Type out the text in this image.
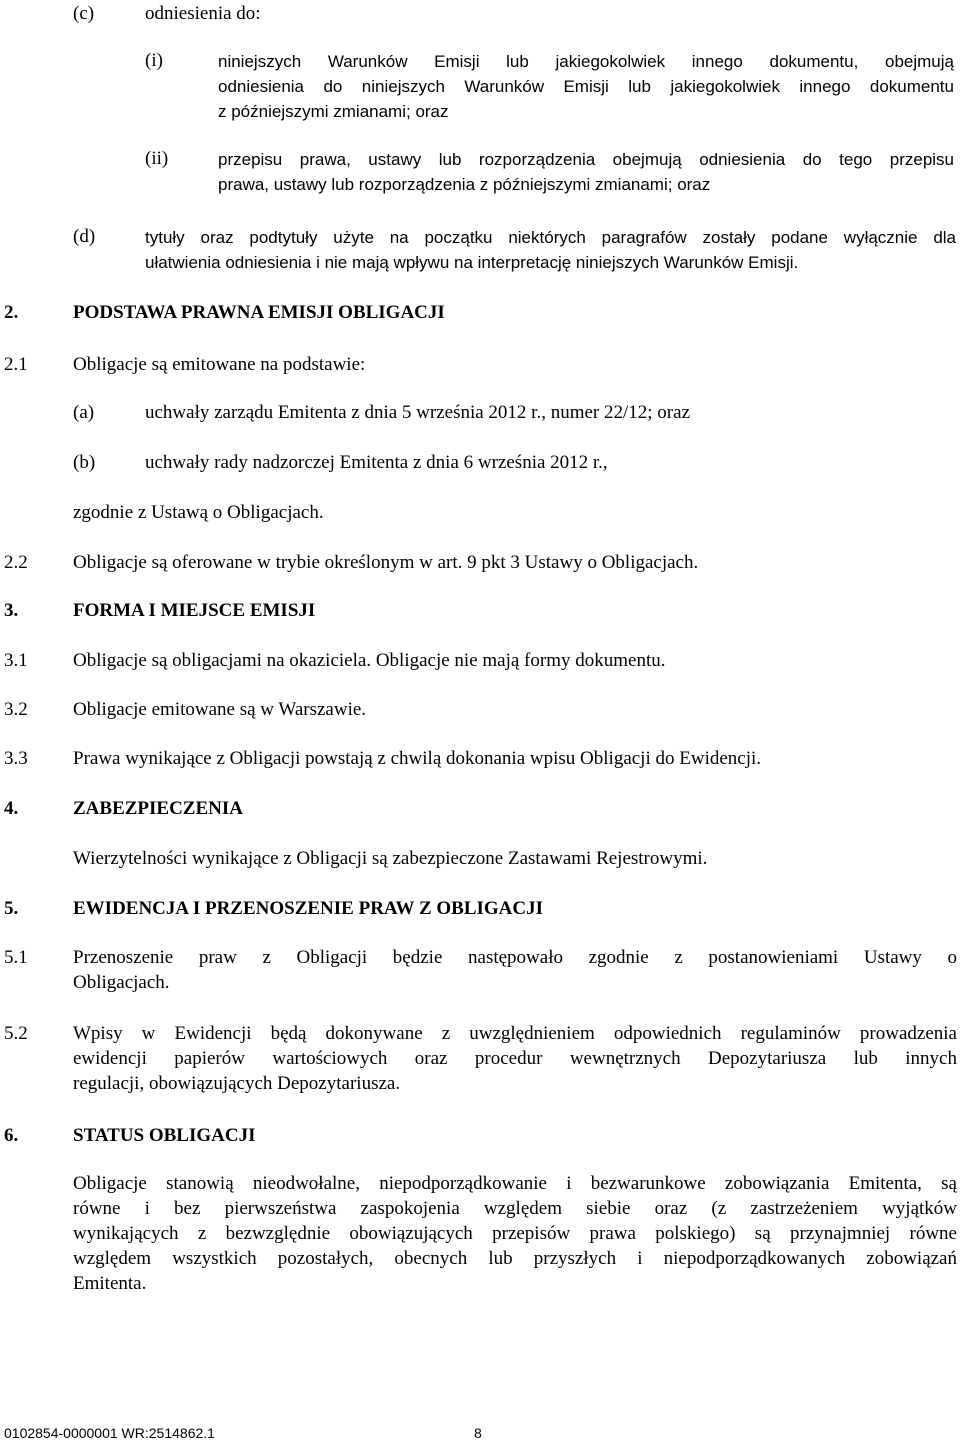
(c)	odniesienia do:
(i)	niniejszych Warunków Emisji lub jakiegokolwiek innego dokumentu, obejmują
odniesienia do niniejszych Warunków Emisji lub jakiegokolwiek innego dokumentu
z późniejszymi zmianami; oraz
(ii)	przepisu prawa, ustawy lub rozporządzenia obejmują odniesienia do tego przepisu
prawa, ustawy lub rozporządzenia z późniejszymi zmianami; oraz
(d)	tytuły oraz podtytuły użyte na początku niektórych paragrafów zostały podane wyłącznie dla
ułatwienia odniesienia i nie mają wpływu na interpretację niniejszych Warunków Emisji.
2.	PODSTAWA PRAWNA EMISJI OBLIGACJI
2.1 Obligacje są emitowane na podstawie:
(a)	uchwały zarządu Emitenta z dnia 5 września 2012 r., numer 22/12; oraz
(b)	uchwały rady nadzorczej Emitenta z dnia 6 września 2012 r.,
zgodnie z Ustawą o Obligacjach.
2.2 Obligacje są oferowane w trybie określonym w art. 9 pkt 3 Ustawy o Obligacjach.
3.	FORMA I MIEJSCE EMISJI
3.1 Obligacje są obligacjami na okaziciela. Obligacje nie mają formy dokumentu.
3.2 Obligacje emitowane są w Warszawie.
3.3 Prawa wynikające z Obligacji powstają z chwilą dokonania wpisu Obligacji do Ewidencji.
4.	ZABEZPIECZENIA
Wierzytelności wynikające z Obligacji są zabezpieczone Zastawami Rejestrowymi.
5.	EWIDENCJA I PRZENOSZENIE PRAW Z OBLIGACJI
5.1 Przenoszenie praw z Obligacji będzie następowało zgodnie z postanowieniami Ustawy o
Obligacjach.
5.2 Wpisy w Ewidencji będą dokonywane z uwzględnieniem odpowiednich regulaminów prowadzenia
ewidencji papierów wartościowych oraz procedur wewnętrznych Depozytariusza lub innych
regulacji, obowiązujących Depozytariusza.
6.	STATUS OBLIGACJI
Obligacje stanowią nieodwołalne, niepodporządkowanie i bezwarunkowe zobowiązania Emitenta, są
równe i bez pierwszeństwa zaspokojenia względem siebie oraz (z zastrzeżeniem wyjątków
wynikających z bezwzględnie obowiązujących przepisów prawa polskiego) są przynajmniej równe
względem wszystkich pozostałych, obecnych lub przyszłych i niepodporządkowanych zobowiązań
Emitenta.
0102854-0000001 WR:2514862.1	8
